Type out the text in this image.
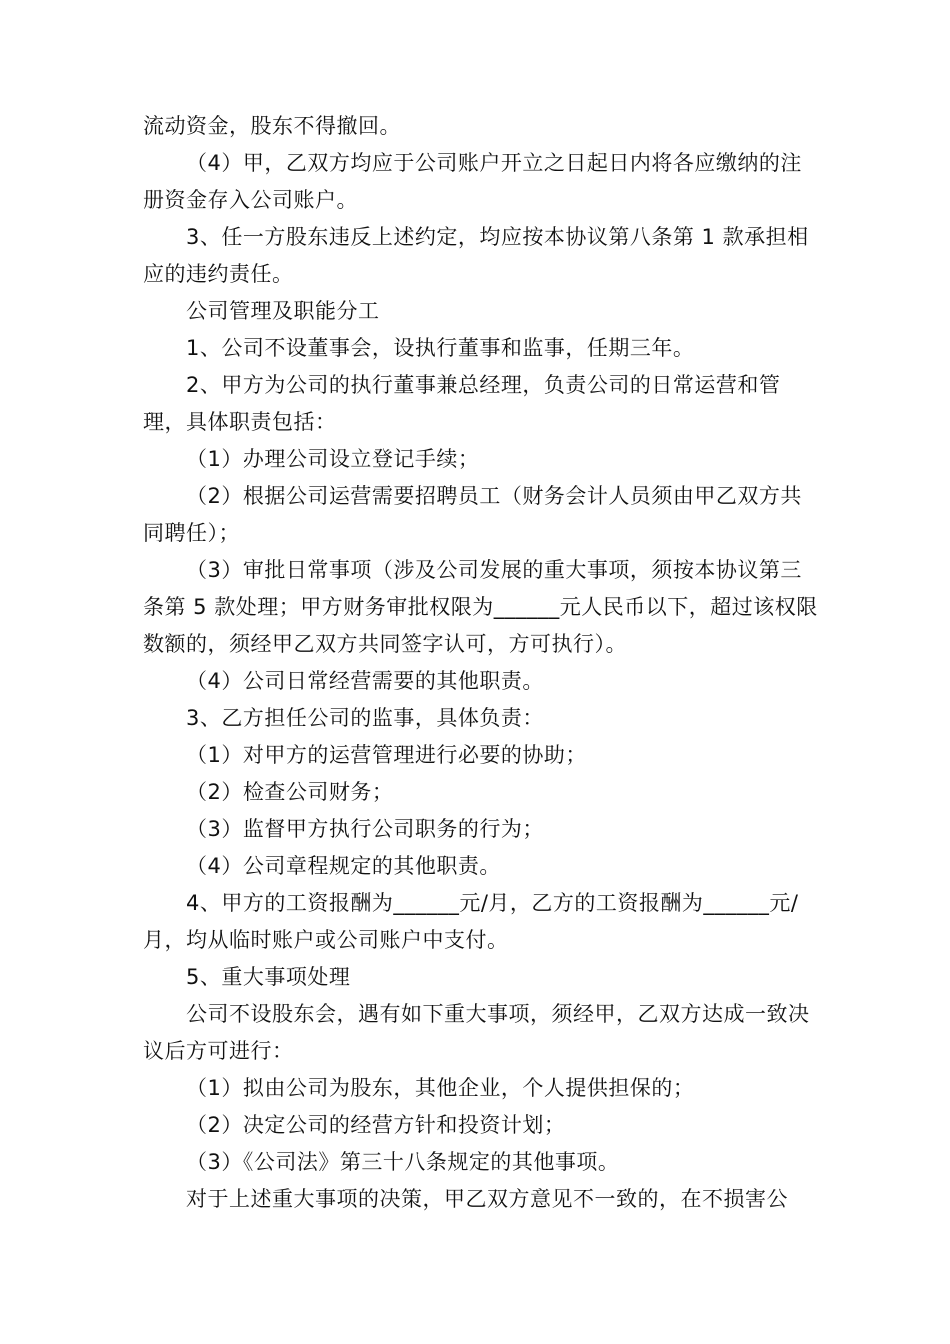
流动资金，股东不得撤回。

（4）甲，乙双方均应于公司账户开立之日起日内将各应缴纳的注册资金存入公司账户。

3、任一方股东违反上述约定，均应按本协议第八条第 1 款承担相应的违约责任。

公司管理及职能分工

1、公司不设董事会，设执行董事和监事，任期三年。

2、甲方为公司的执行董事兼总经理，负责公司的日常运营和管理，具体职责包括：

（1）办理公司设立登记手续；

（2）根据公司运营需要招聘员工（财务会计人员须由甲乙双方共同聘任）；

（3）审批日常事项（涉及公司发展的重大事项，须按本协议第三条第 5 款处理；甲方财务审批权限为______元人民币以下，超过该权限数额的，须经甲乙双方共同签字认可，方可执行）。

（4）公司日常经营需要的其他职责。

3、乙方担任公司的监事，具体负责：

（1）对甲方的运营管理进行必要的协助；

（2）检查公司财务；

（3）监督甲方执行公司职务的行为；

（4）公司章程规定的其他职责。

4、甲方的工资报酬为______元/月，乙方的工资报酬为______元/月，均从临时账户或公司账户中支付。

5、重大事项处理

公司不设股东会，遇有如下重大事项，须经甲，乙双方达成一致决议后方可进行：

（1）拟由公司为股东，其他企业，个人提供担保的；

（2）决定公司的经营方针和投资计划；

（3）《公司法》第三十八条规定的其他事项。

对于上述重大事项的决策，甲乙双方意见不一致的，在不损害公
